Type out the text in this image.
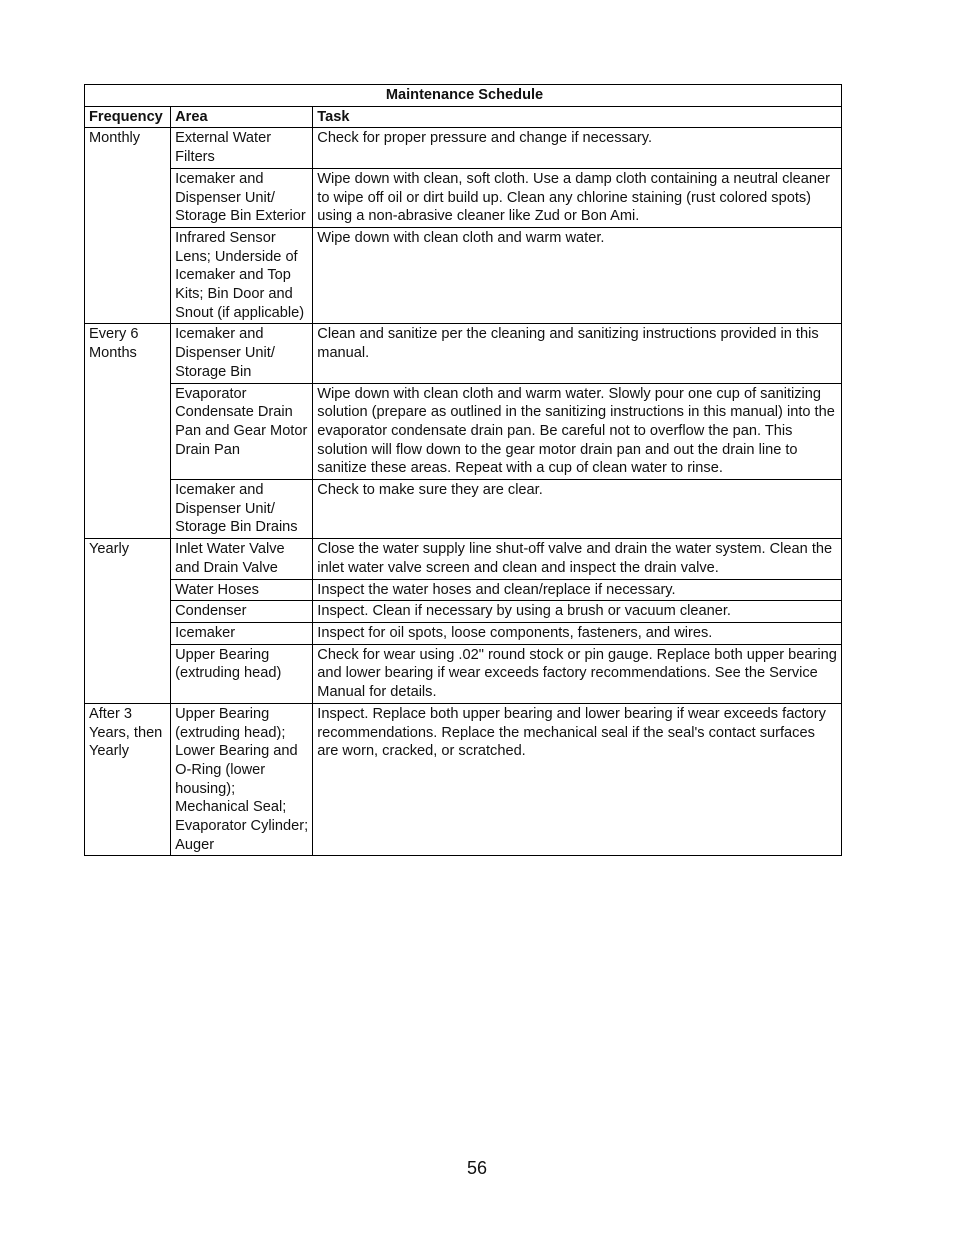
Maintenance Schedule		
Frequency	Area	Task
Monthly	External Water Filters	Check for proper pressure and change if necessary.
	Icemaker and Dispenser Unit/ Storage Bin Exterior	Wipe down with clean, soft cloth. Use a damp cloth containing a neutral cleaner to wipe off oil or dirt build up. Clean any chlorine staining (rust colored spots) using a non-abrasive cleaner like Zud or Bon Ami.
	Infrared Sensor Lens; Underside of Icemaker and Top Kits; Bin Door and Snout (if applicable)	Wipe down with clean cloth and warm water.
Every 6 Months	Icemaker and Dispenser Unit/ Storage Bin	Clean and sanitize per the cleaning and sanitizing instructions provided in this manual.
	Evaporator Condensate Drain Pan and Gear Motor Drain Pan	Wipe down with clean cloth and warm water. Slowly pour one cup of sanitizing solution (prepare as outlined in the sanitizing instructions in this manual) into the evaporator condensate drain pan. Be careful not to overflow the pan. This solution will flow down to the gear motor drain pan and out the drain line to sanitize these areas. Repeat with a cup of clean water to rinse.
	Icemaker and Dispenser Unit/ Storage Bin Drains	Check to make sure they are clear.
Yearly	Inlet Water Valve and Drain Valve	Close the water supply line shut-off valve and drain the water system. Clean the inlet water valve screen and clean and inspect the drain valve.
	Water Hoses	Inspect the water hoses and clean/replace if necessary.
	Condenser	Inspect. Clean if necessary by using a brush or vacuum cleaner.
	Icemaker	Inspect for oil spots, loose components, fasteners, and wires.
	Upper Bearing (extruding head)	Check for wear using .02" round stock or pin gauge. Replace both upper bearing and lower bearing if wear exceeds factory recommendations. See the Service Manual for details.
After 3 Years, then Yearly	Upper Bearing (extruding head); Lower Bearing and O-Ring (lower housing); Mechanical Seal; Evaporator Cylinder; Auger	Inspect. Replace both upper bearing and lower bearing if wear exceeds factory recommendations. Replace the mechanical seal if the seal's contact surfaces are worn, cracked, or scratched.
56
